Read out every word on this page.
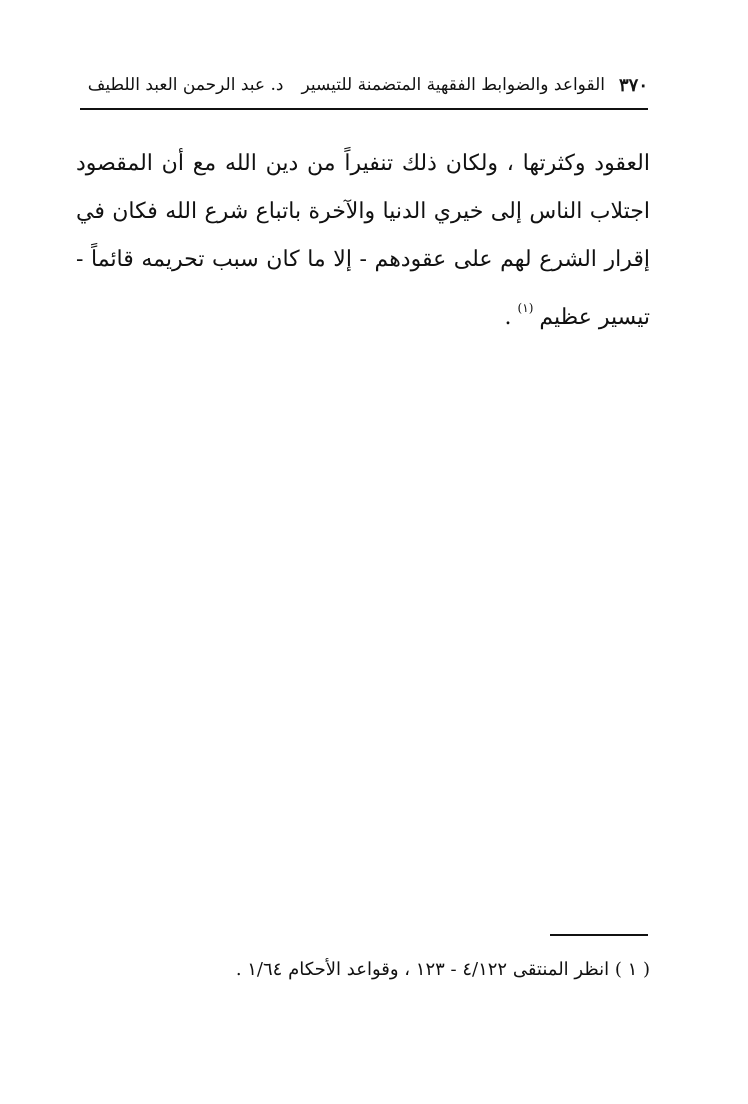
٣٧٠
القواعد والضوابط الفقهية المتضمنة للتيسير
د. عبد الرحمن العبد اللطيف
العقود وكثرتها ، ولكان ذلك تنفيراً من دين الله مع أن المقصود
اجتلاب الناس إلى خيري الدنيا والآخرة باتباع شرع الله فكان في
إقرار الشرع لهم على عقودهم - إلا ما كان سبب تحريمه قائماً -
تيسير عظيم$^{(١)}$.
( ١ ) انظر المنتقى ٤/١٢٢ - ١٢٣ ، وقواعد الأحكام ١/٦٤ .
